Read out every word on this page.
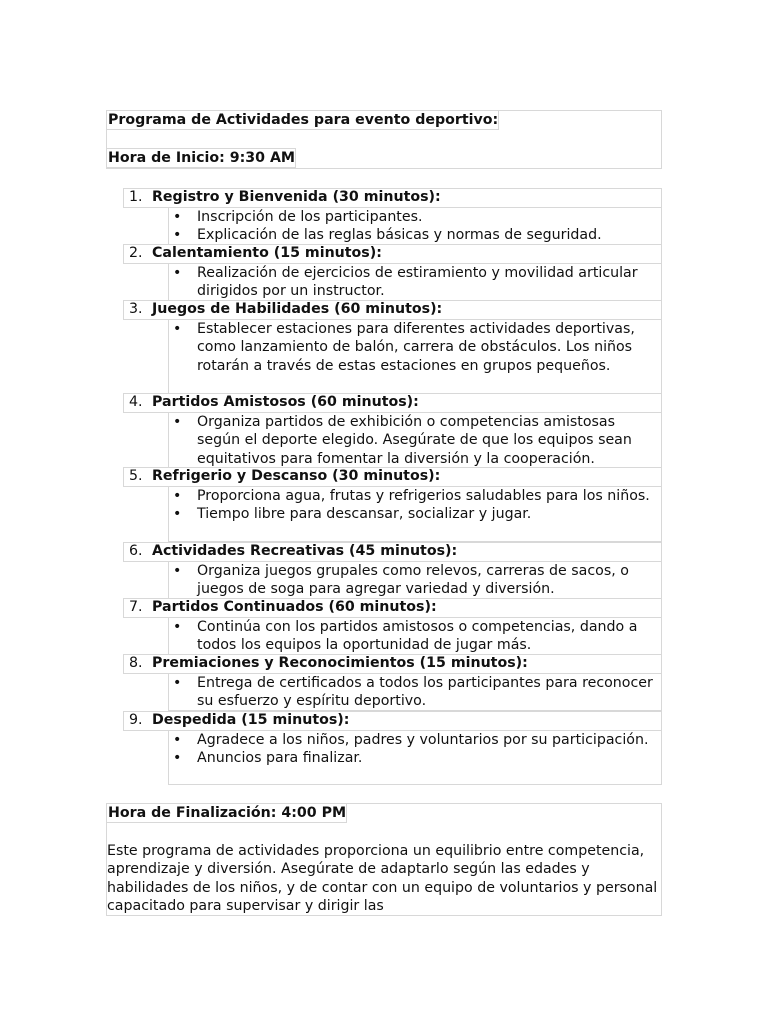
Programa de Actividades para evento deportivo:
Hora de Inicio: 9:30 AM
1. Registro y Bienvenida (30 minutos):
• Inscripción de los participantes.
• Explicación de las reglas básicas y normas de seguridad.
2. Calentamiento (15 minutos):
• Realización de ejercicios de estiramiento y movilidad articular dirigidos por un instructor.
3. Juegos de Habilidades (60 minutos):
• Establecer estaciones para diferentes actividades deportivas, como lanzamiento de balón, carrera de obstáculos. Los niños rotarán a través de estas estaciones en grupos pequeños.
4. Partidos Amistosos (60 minutos):
• Organiza partidos de exhibición o competencias amistosas según el deporte elegido. Asegúrate de que los equipos sean equitativos para fomentar la diversión y la cooperación.
5. Refrigerio y Descanso (30 minutos):
• Proporciona agua, frutas y refrigerios saludables para los niños.
• Tiempo libre para descansar, socializar y jugar.
6. Actividades Recreativas (45 minutos):
• Organiza juegos grupales como relevos, carreras de sacos, o juegos de soga para agregar variedad y diversión.
7. Partidos Continuados (60 minutos):
• Continúa con los partidos amistosos o competencias, dando a todos los equipos la oportunidad de jugar más.
8. Premiaciones y Reconocimientos (15 minutos):
• Entrega de certificados a todos los participantes para reconocer su esfuerzo y espíritu deportivo.
9. Despedida (15 minutos):
• Agradece a los niños, padres y voluntarios por su participación.
• Anuncios para finalizar.
Hora de Finalización: 4:00 PM

Este programa de actividades proporciona un equilibrio entre competencia, aprendizaje y diversión. Asegúrate de adaptarlo según las edades y habilidades de los niños, y de contar con un equipo de voluntarios y personal capacitado para supervisar y dirigir las
